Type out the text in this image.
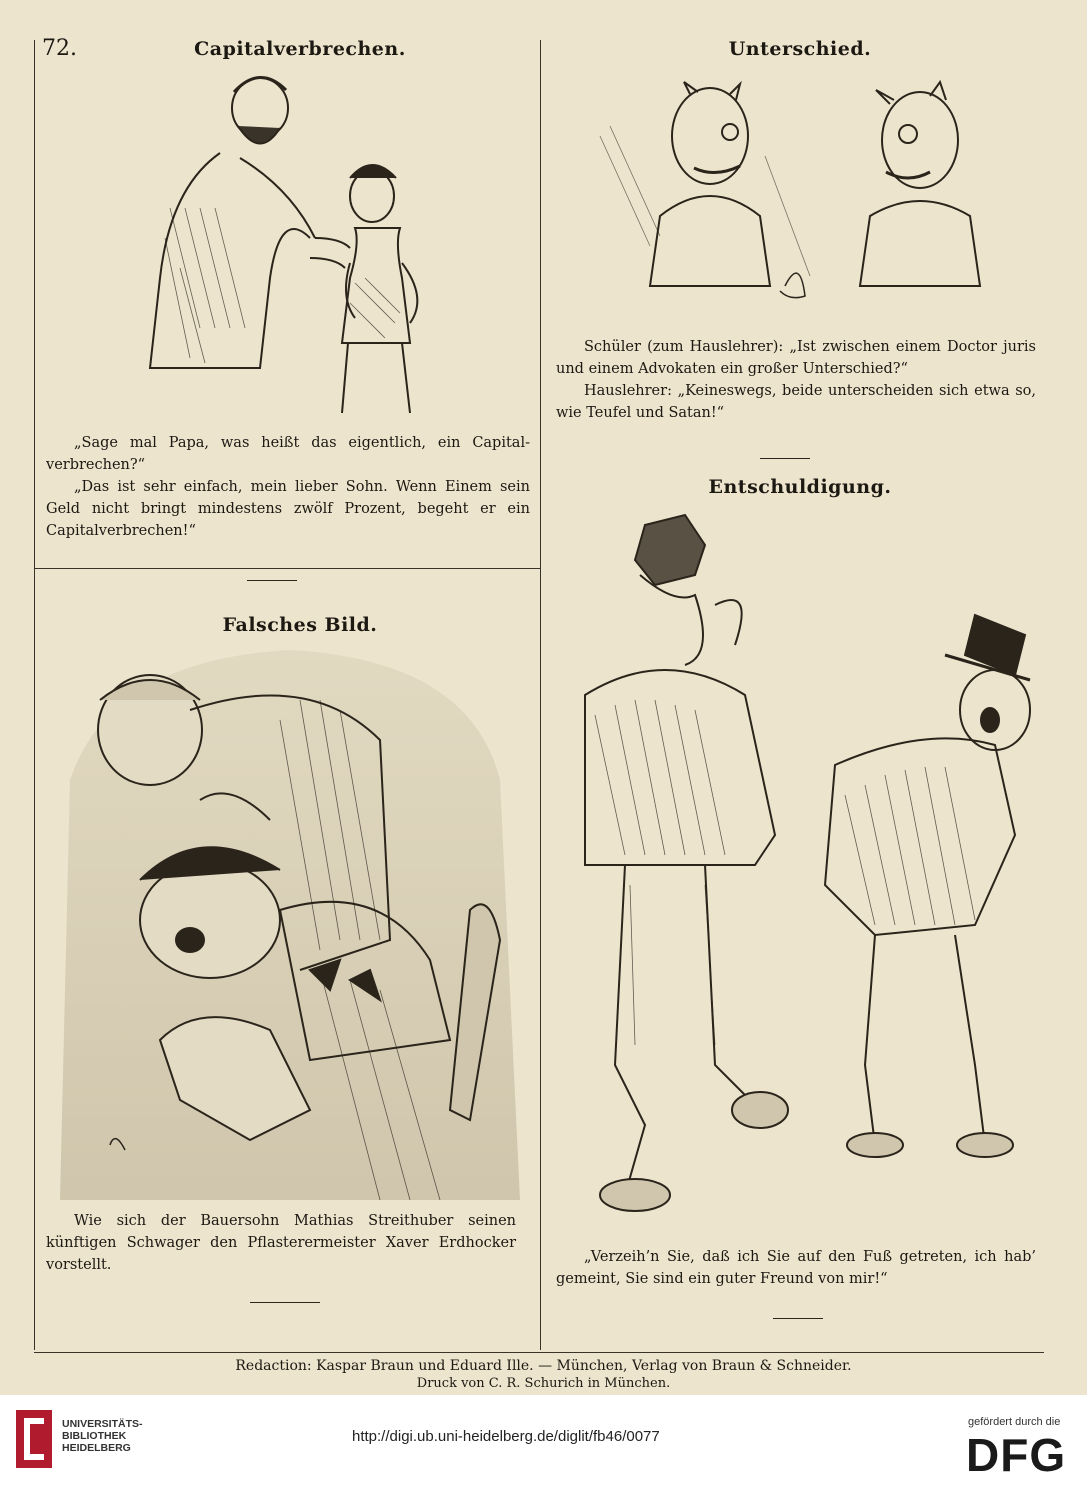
72.	Capitalverbrechen.

„Sage mal Papa, was heißt das eigentlich, ein Capital-verbrechen?“

„Das ist sehr einfach, mein lieber Sohn. Wenn Einem sein Geld nicht bringt mindestens zwölf Prozent, begeht er ein Capitalverbrechen!“

Unterschied.

Schüler (zum Hauslehrer): „Ist zwischen einem Doctor juris und einem Advokaten ein großer Unterschied?“

Hauslehrer: „Keineswegs, beide unterscheiden sich etwa so, wie Teufel und Satan!“

Entschuldigung.

„Verzeih’n Sie, daß ich Sie auf den Fuß getreten, ich hab’ gemeint, Sie sind ein guter Freund von mir!“

Falsches Bild.

Wie sich der Bauersohn Mathias Streithuber seinen künftigen Schwager den Pflasterermeister Xaver Erdhocker vorstellt.

Redaction: Kaspar Braun und Eduard Ille. — München, Verlag von Braun & Schneider.
Druck von C. R. Schurich in München.
UNIVERSITÄTS-
BIBLIOTHEK
HEIDELBERG
http://digi.ub.uni-heidelberg.de/diglit/fb46/0077
gefördert durch die
DFG
